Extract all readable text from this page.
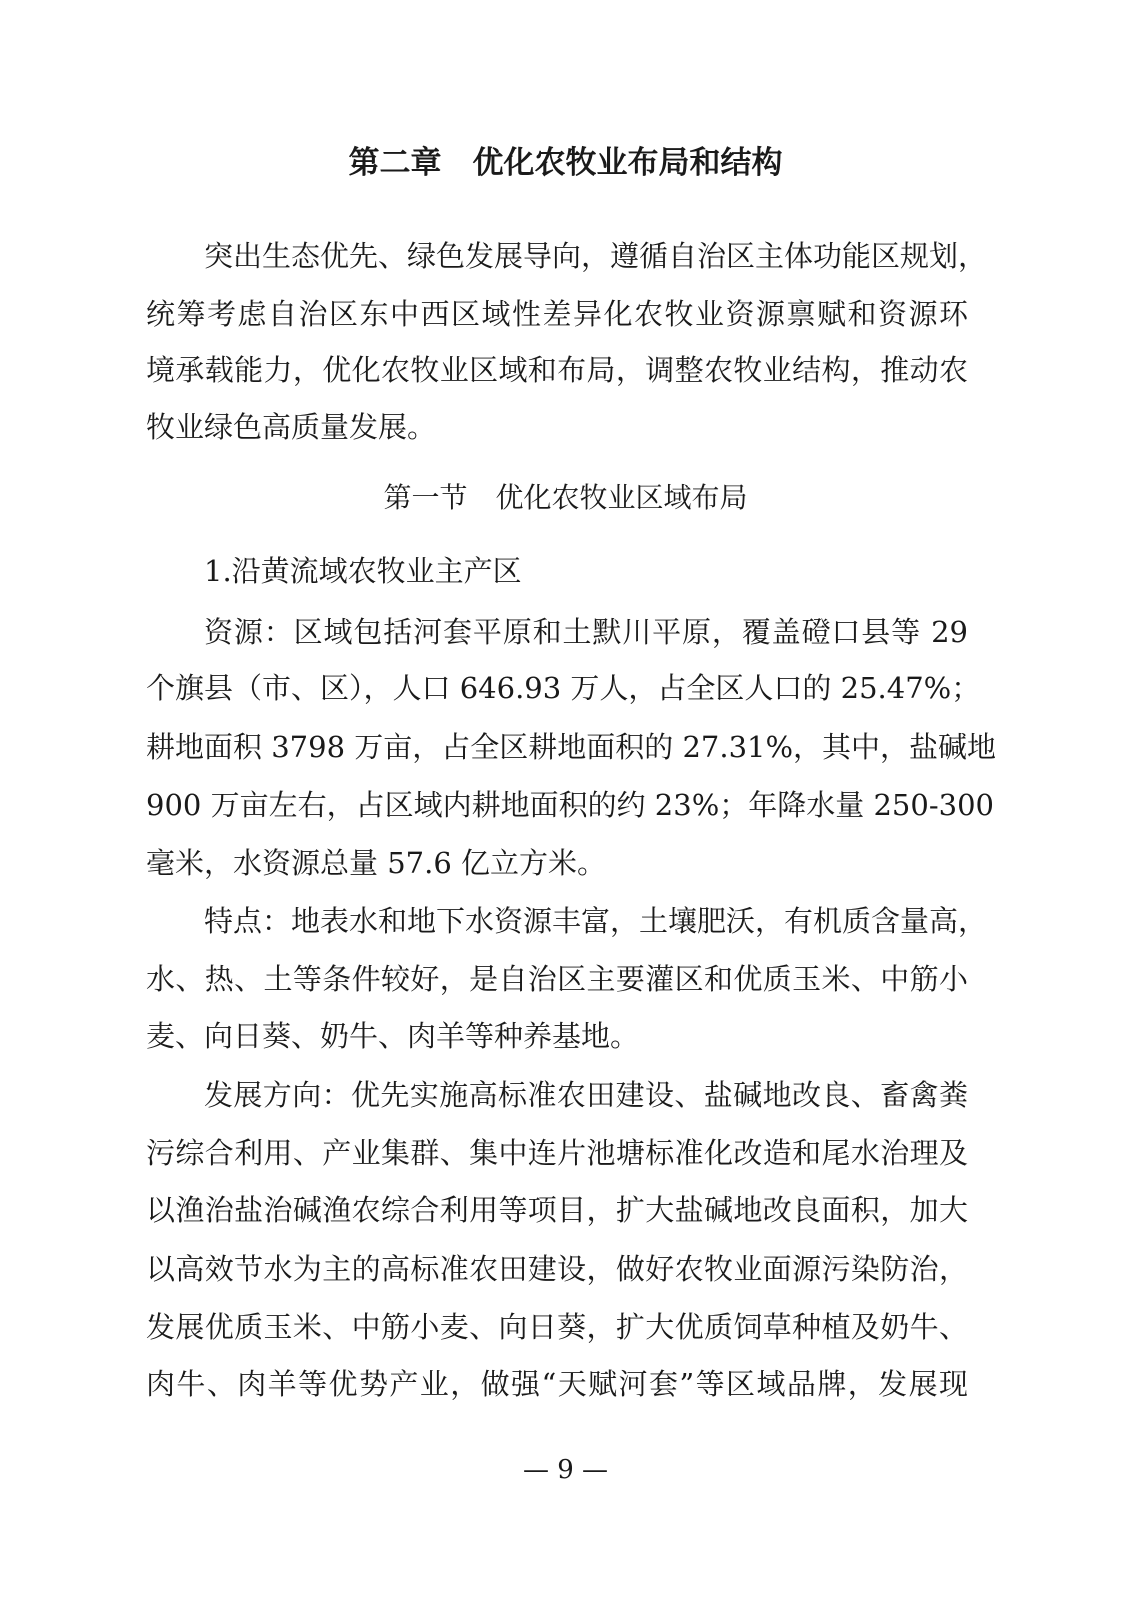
第二章　优化农牧业布局和结构
突出生态优先、绿色发展导向，遵循自治区主体功能区规划，
统筹考虑自治区东中西区域性差异化农牧业资源禀赋和资源环
境承载能力，优化农牧业区域和布局，调整农牧业结构，推动农
牧业绿色高质量发展。
第一节　优化农牧业区域布局
1.沿黄流域农牧业主产区
资源：区域包括河套平原和土默川平原，覆盖磴口县等 29
个旗县（市、区），人口 646.93 万人，占全区人口的 25.47%；
耕地面积 3798 万亩，占全区耕地面积的 27.31%，其中，盐碱地
900 万亩左右，占区域内耕地面积的约 23%；年降水量 250-300
毫米，水资源总量 57.6 亿立方米。
特点：地表水和地下水资源丰富，土壤肥沃，有机质含量高，
水、热、土等条件较好，是自治区主要灌区和优质玉米、中筋小
麦、向日葵、奶牛、肉羊等种养基地。
发展方向：优先实施高标准农田建设、盐碱地改良、畜禽粪
污综合利用、产业集群、集中连片池塘标准化改造和尾水治理及
以渔治盐治碱渔农综合利用等项目，扩大盐碱地改良面积，加大
以高效节水为主的高标准农田建设，做好农牧业面源污染防治，
发展优质玉米、中筋小麦、向日葵，扩大优质饲草种植及奶牛、
肉牛、肉羊等优势产业，做强“天赋河套”等区域品牌，发展现
— 9 —
